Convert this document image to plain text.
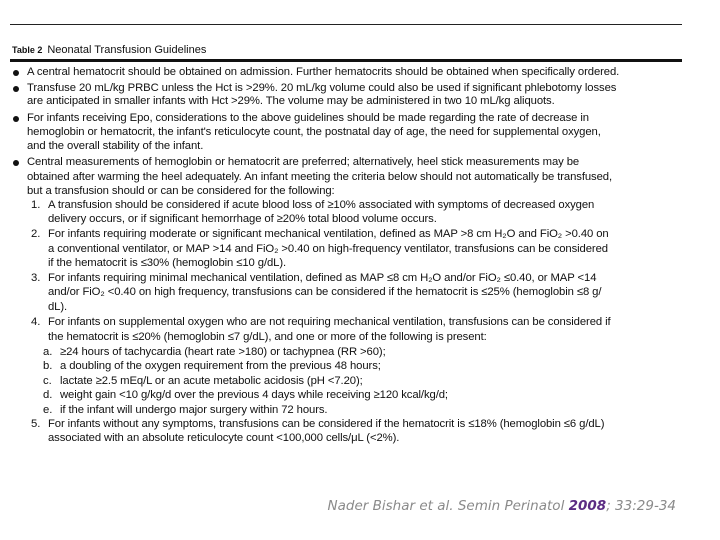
Table 2 Neonatal Transfusion Guidelines
A central hematocrit should be obtained on admission. Further hematocrits should be obtained when specifically ordered.
Transfuse 20 mL/kg PRBC unless the Hct is >29%. 20 mL/kg volume could also be used if significant phlebotomy losses
are anticipated in smaller infants with Hct >29%. The volume may be administered in two 10 mL/kg aliquots.
For infants receiving Epo, considerations to the above guidelines should be made regarding the rate of decrease in
hemoglobin or hematocrit, the infant's reticulocyte count, the postnatal day of age, the need for supplemental oxygen,
and the overall stability of the infant.
Central measurements of hemoglobin or hematocrit are preferred; alternatively, heel stick measurements may be
obtained after warming the heel adequately. An infant meeting the criteria below should not automatically be transfused,
but a transfusion should or can be considered for the following:
1. A transfusion should be considered if acute blood loss of ≥10% associated with symptoms of decreased oxygen
delivery occurs, or if significant hemorrhage of ≥20% total blood volume occurs.
2. For infants requiring moderate or significant mechanical ventilation, defined as MAP >8 cm H₂O and FiO₂ >0.40 on
a conventional ventilator, or MAP >14 and FiO₂ >0.40 on high-frequency ventilator, transfusions can be considered
if the hematocrit is ≤30% (hemoglobin ≤10 g/dL).
3. For infants requiring minimal mechanical ventilation, defined as MAP ≤8 cm H₂O and/or FiO₂ ≤0.40, or MAP <14
and/or FiO₂ <0.40 on high frequency, transfusions can be considered if the hematocrit is ≤25% (hemoglobin ≤8 g/
dL).
4. For infants on supplemental oxygen who are not requiring mechanical ventilation, transfusions can be considered if
the hematocrit is ≤20% (hemoglobin ≤7 g/dL), and one or more of the following is present:
5. For infants without any symptoms, transfusions can be considered if the hematocrit is ≤18% (hemoglobin ≤6 g/dL)
associated with an absolute reticulocyte count <100,000 cells/μL (<2%).
a. ≥24 hours of tachycardia (heart rate >180) or tachypnea (RR >60);
b. a doubling of the oxygen requirement from the previous 48 hours;
c. lactate ≥2.5 mEq/L or an acute metabolic acidosis (pH <7.20);
d. weight gain <10 g/kg/d over the previous 4 days while receiving ≥120 kcal/kg/d;
e. if the infant will undergo major surgery within 72 hours.
Nader Bishar et al. Semin Perinatol 2008; 33:29-34
